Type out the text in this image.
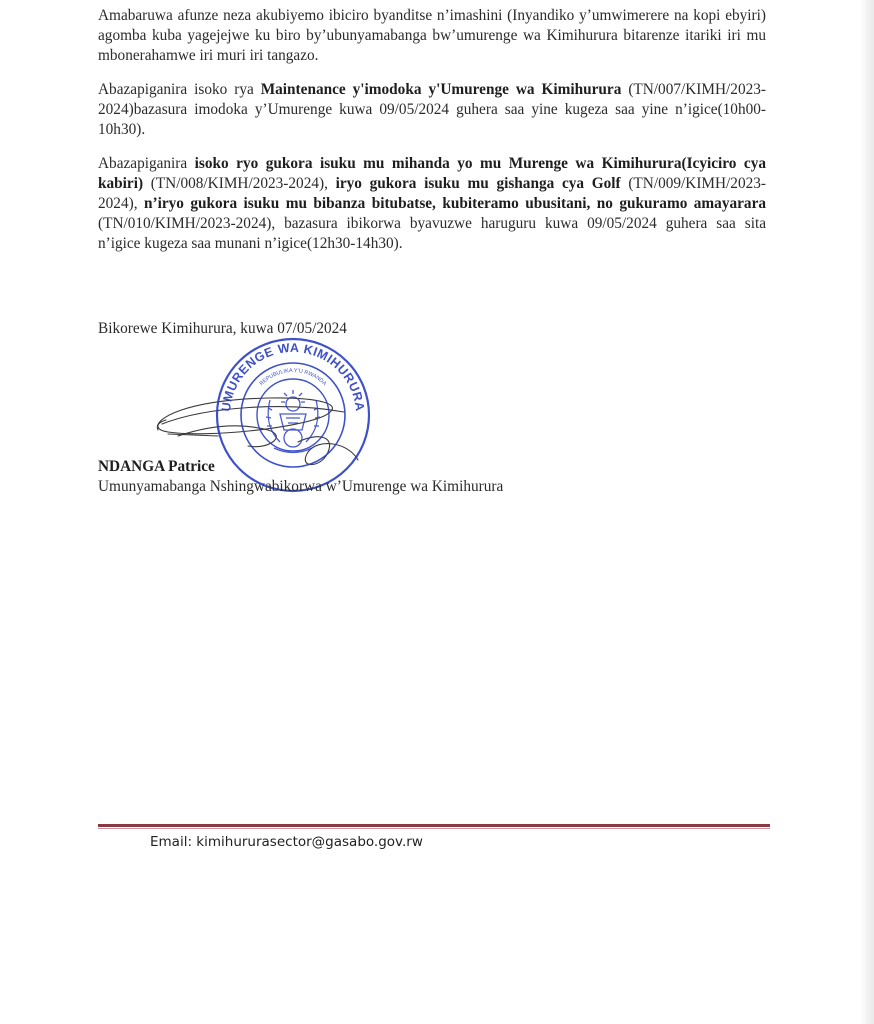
Amabaruwa afunze neza akubiyemo ibiciro byanditse n’imashini (Inyandiko y’umwimerere na kopi ebyiri) agomba kuba yagejejwe ku biro by’ubunyamabanga bw’umurenge wa Kimihurura bitarenze itariki iri mu mbonerahamwe iri muri iri tangazo.

Abazapiganira isoko rya Maintenance y'imodoka y'Umurenge wa Kimihurura (TN/007/KIMH/2023-2024)bazasura imodoka y’Umurenge kuwa 09/05/2024 guhera saa yine kugeza saa yine n’igice(10h00-10h30).

Abazapiganira isoko ryo gukora isuku mu mihanda yo mu Murenge wa Kimihurura(Icyiciro cya kabiri) (TN/008/KIMH/2023-2024), iryo gukora isuku mu gishanga cya Golf (TN/009/KIMH/2023-2024), n’iryo gukora isuku mu bibanza bitubatse, kubiteramo ubusitani, no gukuramo amayarara (TN/010/KIMH/2023-2024), bazasura ibikorwa byavuzwe haruguru kuwa 09/05/2024 guhera saa sita n’igice kugeza saa munani n’igice(12h30-14h30).

Bikorewe Kimihurura, kuwa 07/05/2024

UMURENGE WA KIMIHURURA
REPUBULIKA Y'U RWANDA

NDANGA Patrice

Umunyamabanga Nshingwabikorwa w’Umurenge wa Kimihurura

Email: kimihururasector@gasabo.gov.rw
